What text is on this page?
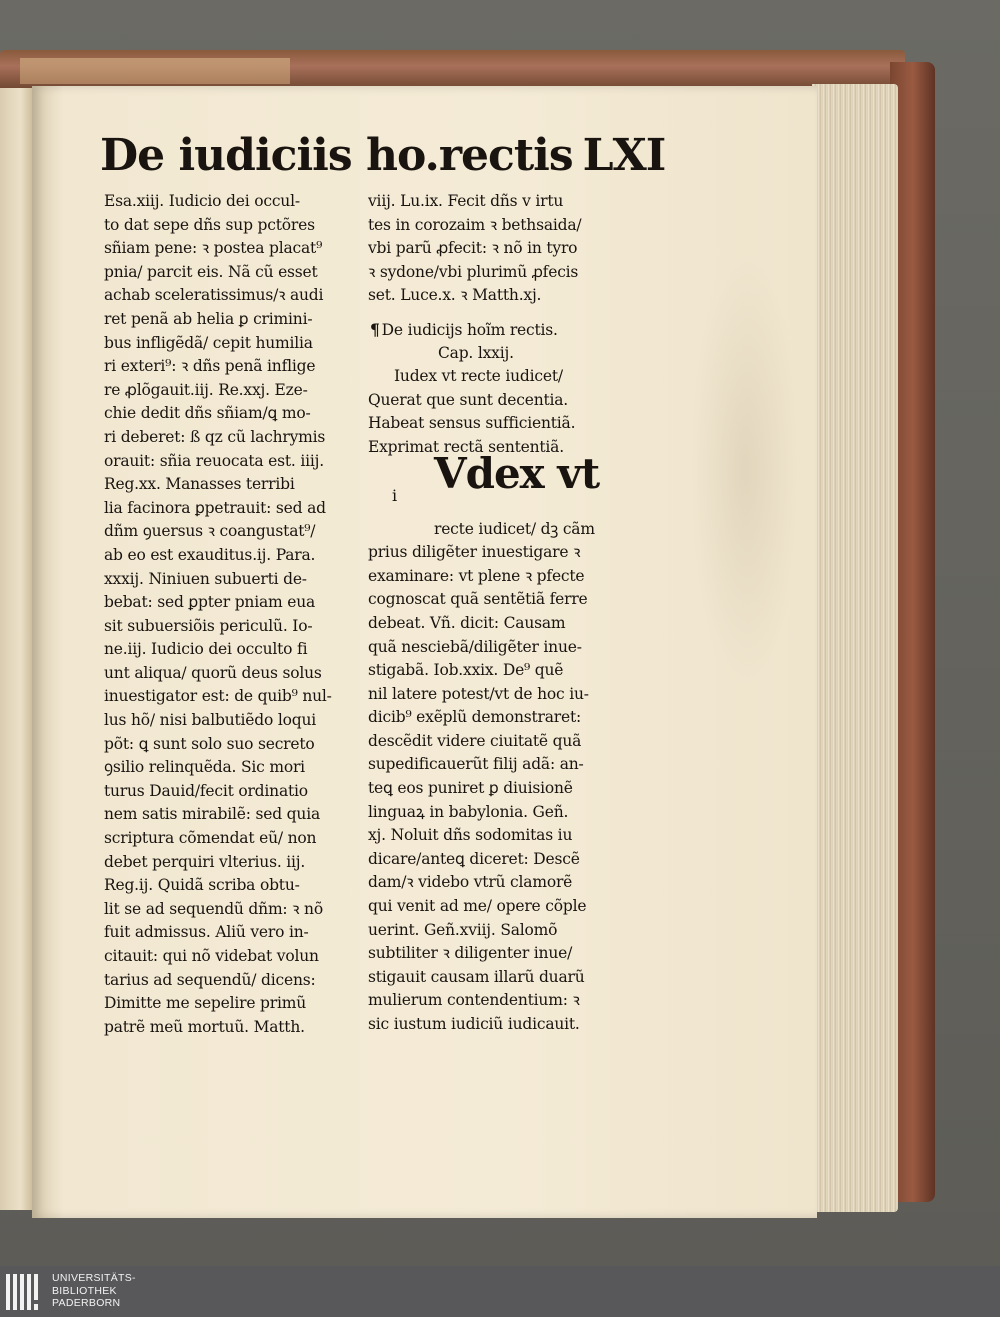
De iudiciis ho.rectis LXI
Esa.xiij. Iudicio dei occul-
to dat sepe dñs sup pctõres
sñiam pene: ꝛ postea placat⁹
pnia/ parcit eis. Nã cũ esset
achab sceleratissimus/ꝛ audi
ret penã ab helia ꝑ crimini-
bus infligẽdã/ cepit humilia
ri exteri⁹: ꝛ dñs penã inflige
re ꝓlõgauit.iij. Re.xxj. Eze-
chie dedit dñs sñiam/ꝗ mo-
ri deberet: ß qz cũ lachrymis
orauit: sñia reuocata est. iiij.
Reg.xx. Manasses terribi
lia facinora ꝑpetrauit: sed ad
dñm ꝯuersus ꝛ coangustat⁹/
ab eo est exauditus.ij. Para.
xxxij. Niniuen subuerti de-
bebat: sed ꝑpter pniam eua
sit subuersiõis periculũ. Io-
ne.iij. Iudicio dei occulto fi
unt aliqua/ quorũ deus solus
inuestigator est: de quib⁹ nul-
lus hõ/ nisi balbutiẽdo loqui
põt: ꝗ sunt solo suo secreto
ꝯsilio relinquẽda. Sic mori
turus Dauid/fecit ordinatio
nem satis mirabilẽ: sed quia
scriptura cõmendat eũ/ non
debet perquiri vlterius. iij.
Reg.ij. Quidã scriba obtu-
lit se ad sequendũ dñm: ꝛ nõ
fuit admissus. Aliũ vero in-
citauit: qui nõ videbat volun
tarius ad sequendũ/ dicens:
Dimitte me sepelire primũ
patrẽ meũ mortuũ. Matth.
viij. Lu.ix. Fecit dñs v irtu
tes in corozaim ꝛ bethsaida/
vbi parũ ꝓfecit: ꝛ nõ in tyro
ꝛ sydone/vbi plurimũ ꝓfecis
set. Luce.x. ꝛ Matth.xj.
¶ De iudicijs hoĩm rectis.
Cap. lxxij.
Iudex vt recte iudicet/
Querat que sunt decentia.
Habeat sensus sufficientiã.
Exprimat rectã sententiã.
i Vdex vt
recte iudicet/ dꝫ cãm
prius diligẽter inuestigare ꝛ
examinare: vt plene ꝛ pfecte
cognoscat quã sentẽtiã ferre
debeat. Vñ. dicit: Causam
quã nesciebã/diligẽter inue-
stigabã. Iob.xxix. De⁹ quẽ
nil latere potest/vt de hoc iu-
dicib⁹ exẽplũ demonstraret:
descẽdit videre ciuitatẽ quã
supedificauerũt filij adã: an-
teꝗ eos puniret ꝑ diuisionẽ
linguaꝝ in babylonia. Geñ.
xj. Noluit dñs sodomitas iu
dicare/anteꝗ diceret: Descẽ
dam/ꝛ videbo vtrũ clamorẽ
qui venit ad me/ opere cõple
uerint. Geñ.xviij. Salomõ
subtiliter ꝛ diligenter inue/
stigauit causam illarũ duarũ
mulierum contendentium: ꝛ
sic iustum iudiciũ iudicauit.
UNIVERSITÄTS-
BIBLIOTHEK
PADERBORN
